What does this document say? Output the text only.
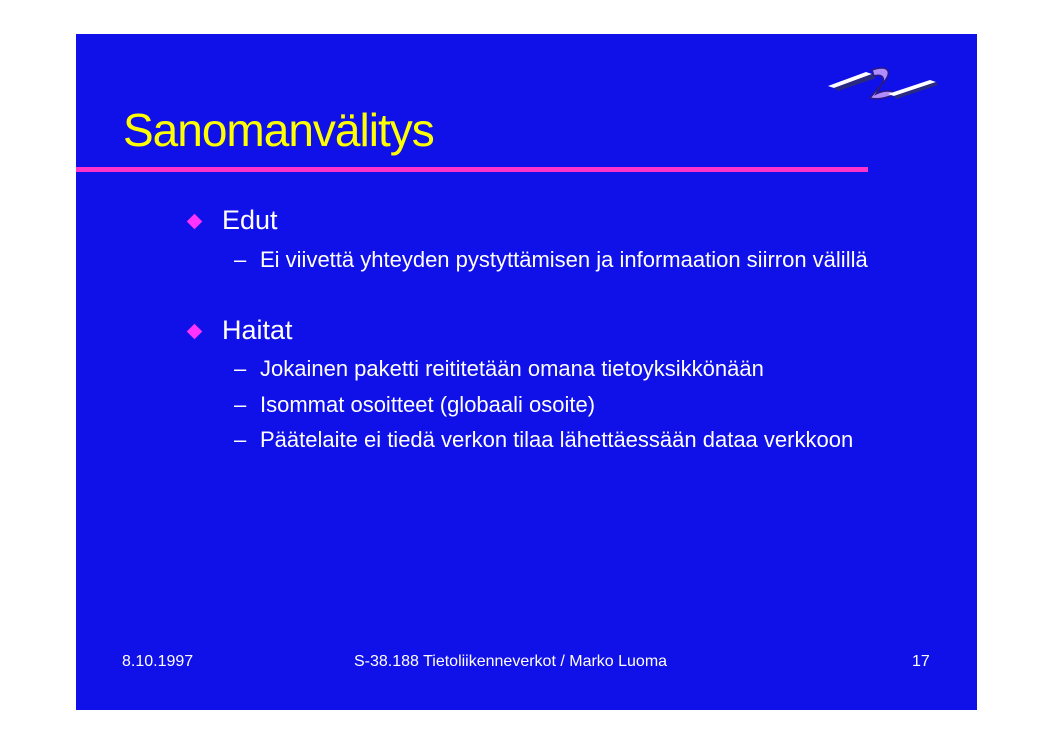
Sanomanvälitys
Edut
– Ei viivettä yhteyden pystyttämisen ja informaation siirron välillä
Haitat
– Jokainen paketti reititetään omana tietoyksikkönään
– Isommat osoitteet (globaali osoite)
– Päätelaite ei tiedä verkon tilaa lähettäessään dataa verkkoon
8.10.1997	S-38.188 Tietoliikenneverkot / Marko Luoma	17
